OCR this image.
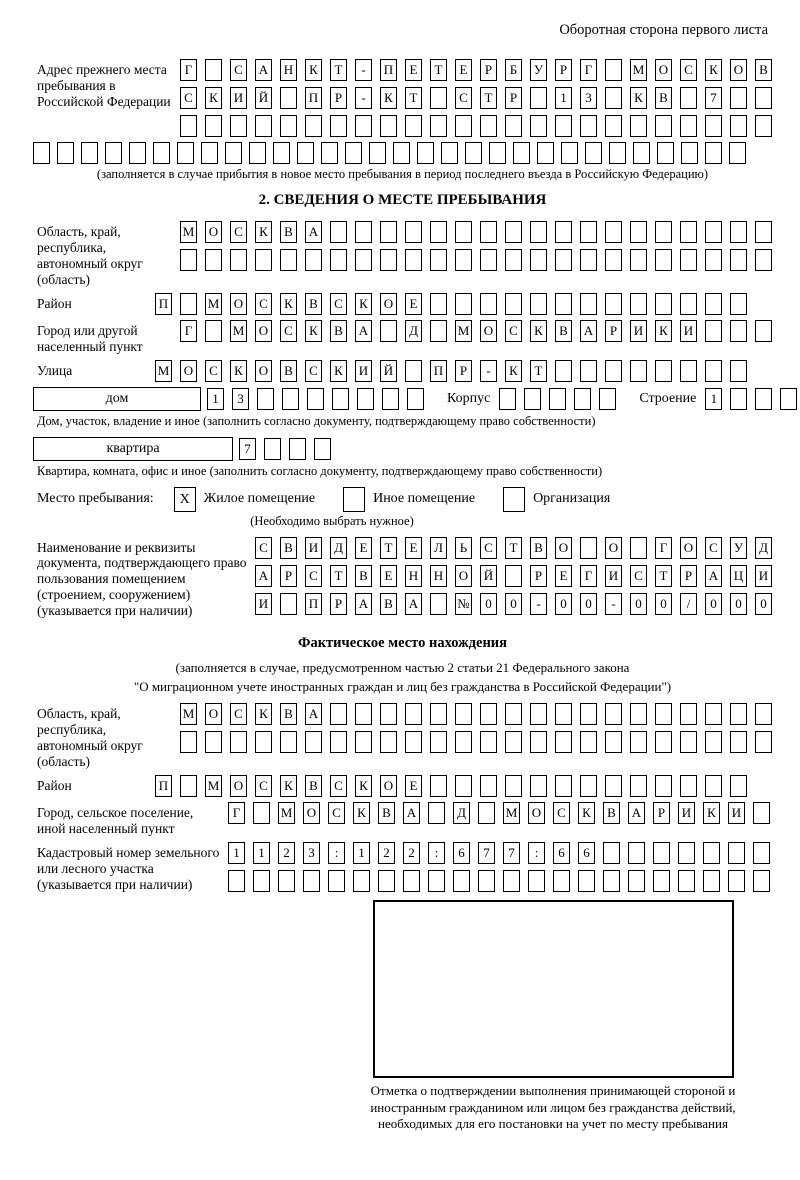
Оборотная сторона первого листа
Адрес прежнего места пребывания в Российской Федерации
Г	С	А Н	К	Т	-	П	Е	Т	Е	Р	Б	У	Р	Г	М О	С	К	О	В
С	К	И Й	П	Р	-	К	Т	С	Т	Р	1	3	К	В	7
(заполняется в случае прибытия в новое место пребывания в период последнего въезда в Российскую Федерацию)
2. СВЕДЕНИЯ О МЕСТЕ ПРЕБЫВАНИЯ
Область, край, республика, автономный округ (область)
М О	С	К	В	А
Район	П	М О	С	К	В	С	К	О	Е
Город или другой населенный пункт
Г	М О	С	К	В	А	Д	М О	С	К	В	А	Р	И	К	И
Улица	М О	С	К	О	В	С	К	И Й	П	Р	-	К	Т
дом	1	3	Корпус	Строение	1
Дом, участок, владение и иное (заполнить согласно документу, подтверждающему право собственности)
квартира	7
Квартира, комната, офис и иное (заполнить согласно документу, подтверждающему право собственности)
Место пребывания:	X Жилое помещение	Иное помещение	Организация
(Необходимо выбрать нужное)
Наименование и реквизиты документа, подтверждающего право пользования помещением (строением, сооружением) (указывается при наличии)
С	В	И	Д	Е	Т	Е	Л	Ь	С	Т	В	О	О	Г	О	С	У	Д
А	Р	С	Т	В	Е	Н Н О Й	Р	Е	Г	И	С	Т	Р	А Ц И
И	П	Р	А	В	А	№	0	0	-	0	0	-	0	0	/	0	0	0
Фактическое место нахождения
(заполняется в случае, предусмотренном частью 2 статьи 21 Федерального закона
"О миграционном учете иностранных граждан и лиц без гражданства в Российской Федерации")
Область, край, республика, автономный округ (область)
М О	С	К	В	А
Район	П	М О	С	К	В	С	К	О	Е
Город, сельское поселение, иной населенный пункт
Г	М О	С	К	В	А	Д	М О	С	К	В	А	Р	И	К	И
Кадастровый номер земельного или лесного участка (указывается при наличии)
1	1	2	3	:	1	2	2	:	6	7	7	:	6	6
Отметка о подтверждении выполнения принимающей стороной и иностранным гражданином или лицом без гражданства действий, необходимых для его постановки на учет по месту пребывания
